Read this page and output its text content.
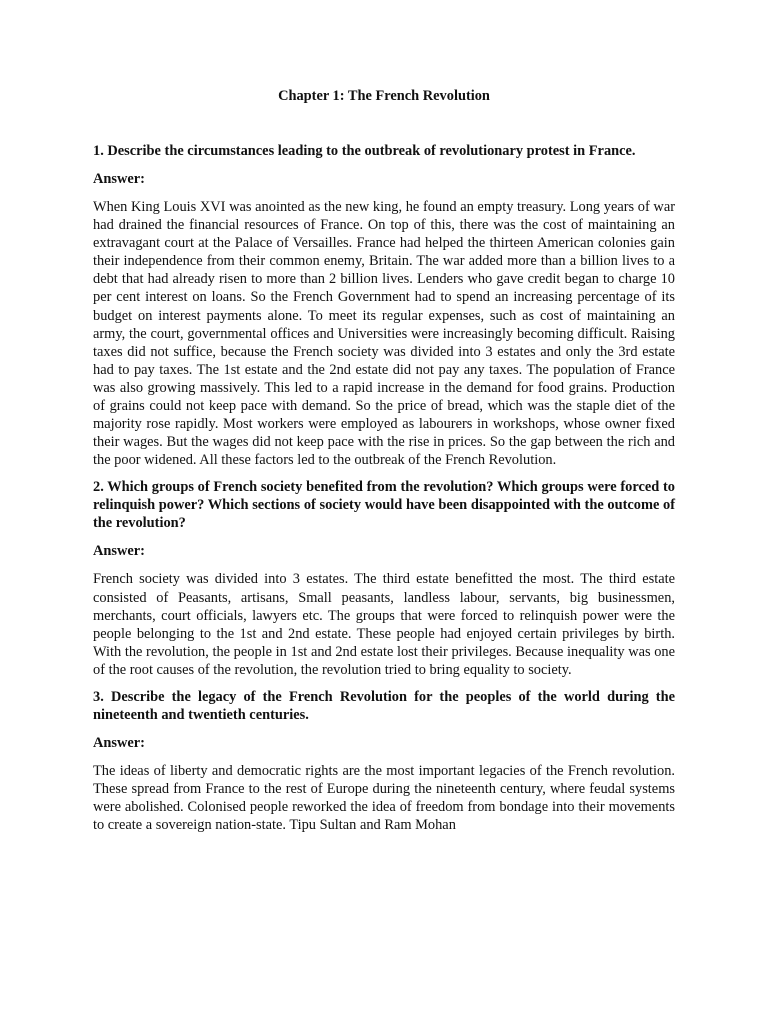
Chapter 1: The French Revolution

1. Describe the circumstances leading to the outbreak of revolutionary protest in France.

Answer:

When King Louis XVI was anointed as the new king, he found an empty treasury. Long years of war had drained the financial resources of France. On top of this, there was the cost of maintaining an extravagant court at the Palace of Versailles. France had helped the thirteen American colonies gain their independence from their common enemy, Britain. The war added more than a billion lives to a debt that had already risen to more than 2 billion lives. Lenders who gave credit began to charge 10 per cent interest on loans. So the French Government had to spend an increasing percentage of its budget on interest payments alone. To meet its regular expenses, such as cost of maintaining an army, the court, governmental offices and Universities were increasingly becoming difficult. Raising taxes did not suffice, because the French society was divided into 3 estates and only the 3rd estate had to pay taxes. The 1st estate and the 2nd estate did not pay any taxes. The population of France was also growing massively. This led to a rapid increase in the demand for food grains. Production of grains could not keep pace with demand. So the price of bread, which was the staple diet of the majority rose rapidly. Most workers were employed as labourers in workshops, whose owner fixed their wages. But the wages did not keep pace with the rise in prices. So the gap between the rich and the poor widened. All these factors led to the outbreak of the French Revolution.

2. Which groups of French society benefited from the revolution? Which groups were forced to relinquish power? Which sections of society would have been disappointed with the outcome of the revolution?

Answer:

French society was divided into 3 estates. The third estate benefitted the most. The third estate consisted of Peasants, artisans, Small peasants, landless labour, servants, big businessmen, merchants, court officials, lawyers etc. The groups that were forced to relinquish power were the people belonging to the 1st and 2nd estate. These people had enjoyed certain privileges by birth. With the revolution, the people in 1st and 2nd estate lost their privileges. Because inequality was one of the root causes of the revolution, the revolution tried to bring equality to society.

3. Describe the legacy of the French Revolution for the peoples of the world during the nineteenth and twentieth centuries.

Answer:

The ideas of liberty and democratic rights are the most important legacies of the French revolution. These spread from France to the rest of Europe during the nineteenth century, where feudal systems were abolished. Colonised people reworked the idea of freedom from bondage into their movements to create a sovereign nation-state. Tipu Sultan and Ram Mohan
